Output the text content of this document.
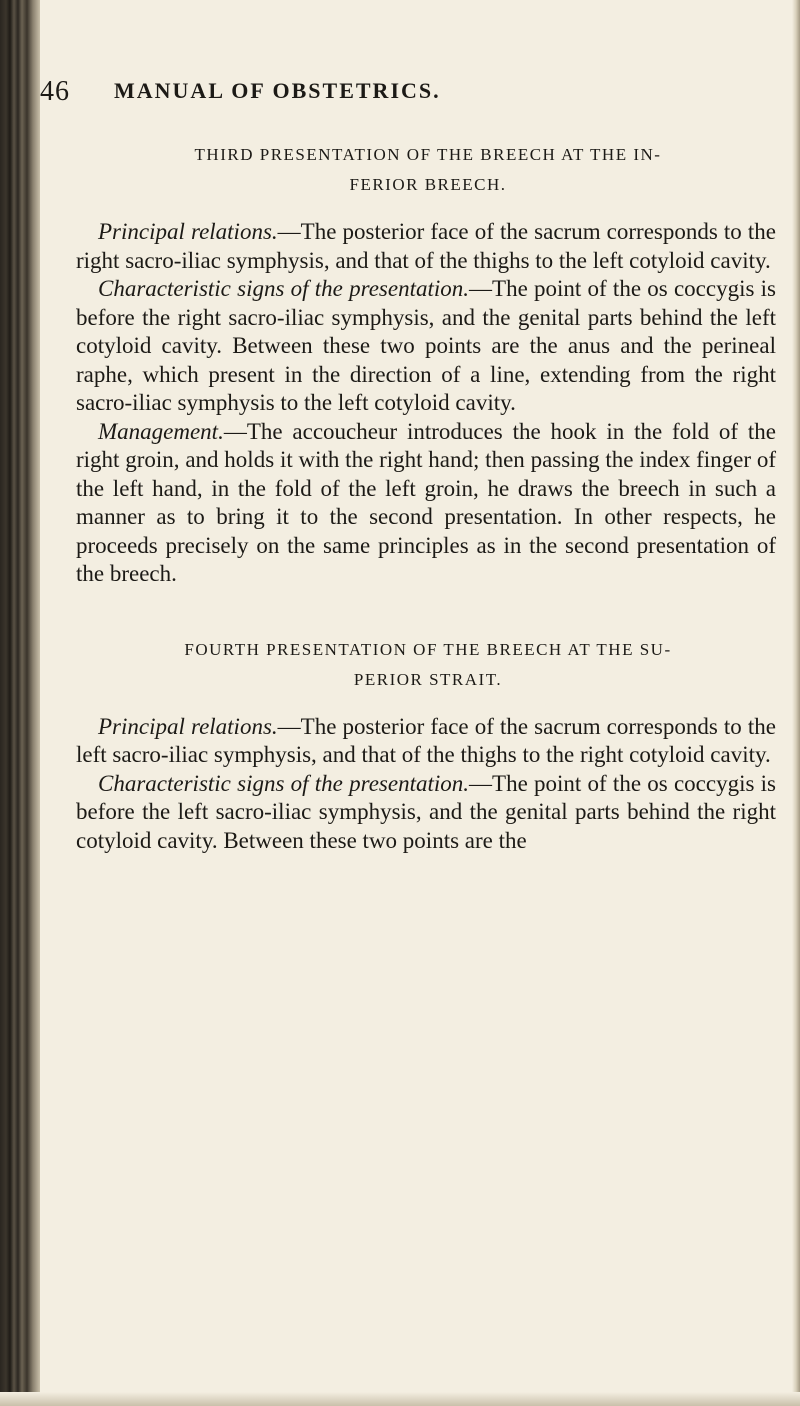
46 MANUAL OF OBSTETRICS.
THIRD PRESENTATION OF THE BREECH AT THE IN-
FERIOR BREECH.

Principal relations.—The posterior face of the sacrum corresponds to the right sacro-iliac symphysis, and that of the thighs to the left cotyloid cavity.

Characteristic signs of the presentation.—The point of the os coccygis is before the right sacro-iliac symphysis, and the genital parts behind the left cotyloid cavity. Between these two points are the anus and the perineal raphe, which present in the direction of a line, extending from the right sacro-iliac symphysis to the left cotyloid cavity.

Management.—The accoucheur introduces the hook in the fold of the right groin, and holds it with the right hand; then passing the index finger of the left hand, in the fold of the left groin, he draws the breech in such a manner as to bring it to the second presentation. In other respects, he proceeds precisely on the same principles as in the second presentation of the breech.

FOURTH PRESENTATION OF THE BREECH AT THE SU-
PERIOR STRAIT.

Principal relations.—The posterior face of the sacrum corresponds to the left sacro-iliac symphysis, and that of the thighs to the right cotyloid cavity.

Characteristic signs of the presentation.—The point of the os coccygis is before the left sacro-iliac symphysis, and the genital parts behind the right cotyloid cavity. Between these two points are the
